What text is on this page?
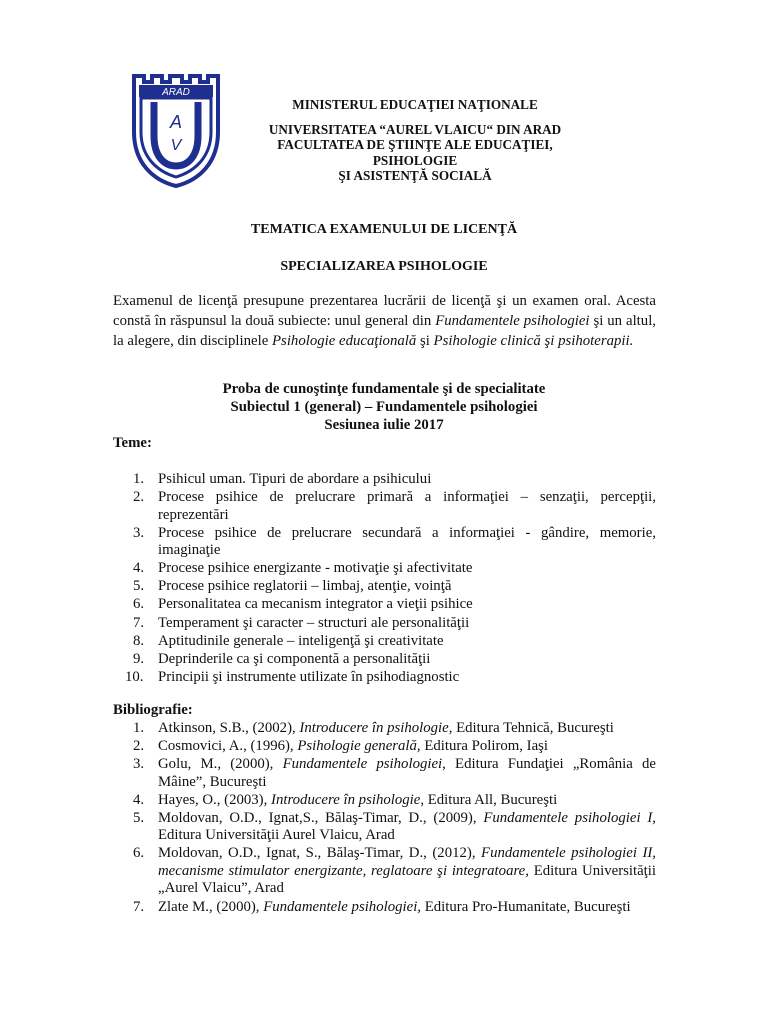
ARAD
A
V
MINISTERUL EDUCAŢIEI NAŢIONALE
UNIVERSITATEA “AUREL VLAICU“ DIN ARAD
FACULTATEA DE ŞTIINŢE ALE EDUCAŢIEI, PSIHOLOGIE
ŞI ASISTENŢĂ SOCIALĂ
TEMATICA EXAMENULUI DE LICENŢĂ
SPECIALIZAREA PSIHOLOGIE
Examenul de licenţă presupune prezentarea lucrării de licenţă şi un examen oral. Acesta constă în răspunsul la două subiecte: unul general din Fundamentele psihologiei şi un altul, la alegere, din disciplinele Psihologie educaţională şi Psihologie clinică şi psihoterapii.
Proba de cunoştinţe fundamentale şi de specialitate
Subiectul 1 (general) – Fundamentele psihologiei
Sesiunea iulie 2017
Teme:
1. Psihicul uman. Tipuri de abordare a psihicului
2. Procese psihice de prelucrare primară a informaţiei – senzaţii, percepţii, reprezentări
3. Procese psihice de prelucrare secundară a informaţiei - gândire, memorie, imaginaţie
4. Procese psihice energizante - motivaţie şi afectivitate
5. Procese psihice reglatorii – limbaj, atenţie, voinţă
6. Personalitatea ca mecanism integrator a vieţii psihice
7. Temperament şi caracter – structuri ale personalităţii
8. Aptitudinile generale – inteligenţă şi creativitate
9. Deprinderile ca şi componentă a personalităţii
10. Principii şi instrumente utilizate în psihodiagnostic
Bibliografie:
1. Atkinson, S.B., (2002), Introducere în psihologie, Editura Tehnică, Bucureşti
2. Cosmovici, A., (1996), Psihologie generală, Editura Polirom, Iaşi
3. Golu, M., (2000), Fundamentele psihologiei, Editura Fundaţiei „România de Mâine”, Bucureşti
4. Hayes, O., (2003), Introducere în psihologie, Editura All, Bucureşti
5. Moldovan, O.D., Ignat,S., Bălaş-Timar, D., (2009), Fundamentele psihologiei I, Editura Universităţii Aurel Vlaicu, Arad
6. Moldovan, O.D., Ignat, S., Bălaş-Timar, D., (2012), Fundamentele psihologiei II, mecanisme stimulator energizante, reglatoare şi integratoare, Editura Universităţii „Aurel Vlaicu”, Arad
7. Zlate M., (2000), Fundamentele psihologiei, Editura Pro-Humanitate, Bucureşti
